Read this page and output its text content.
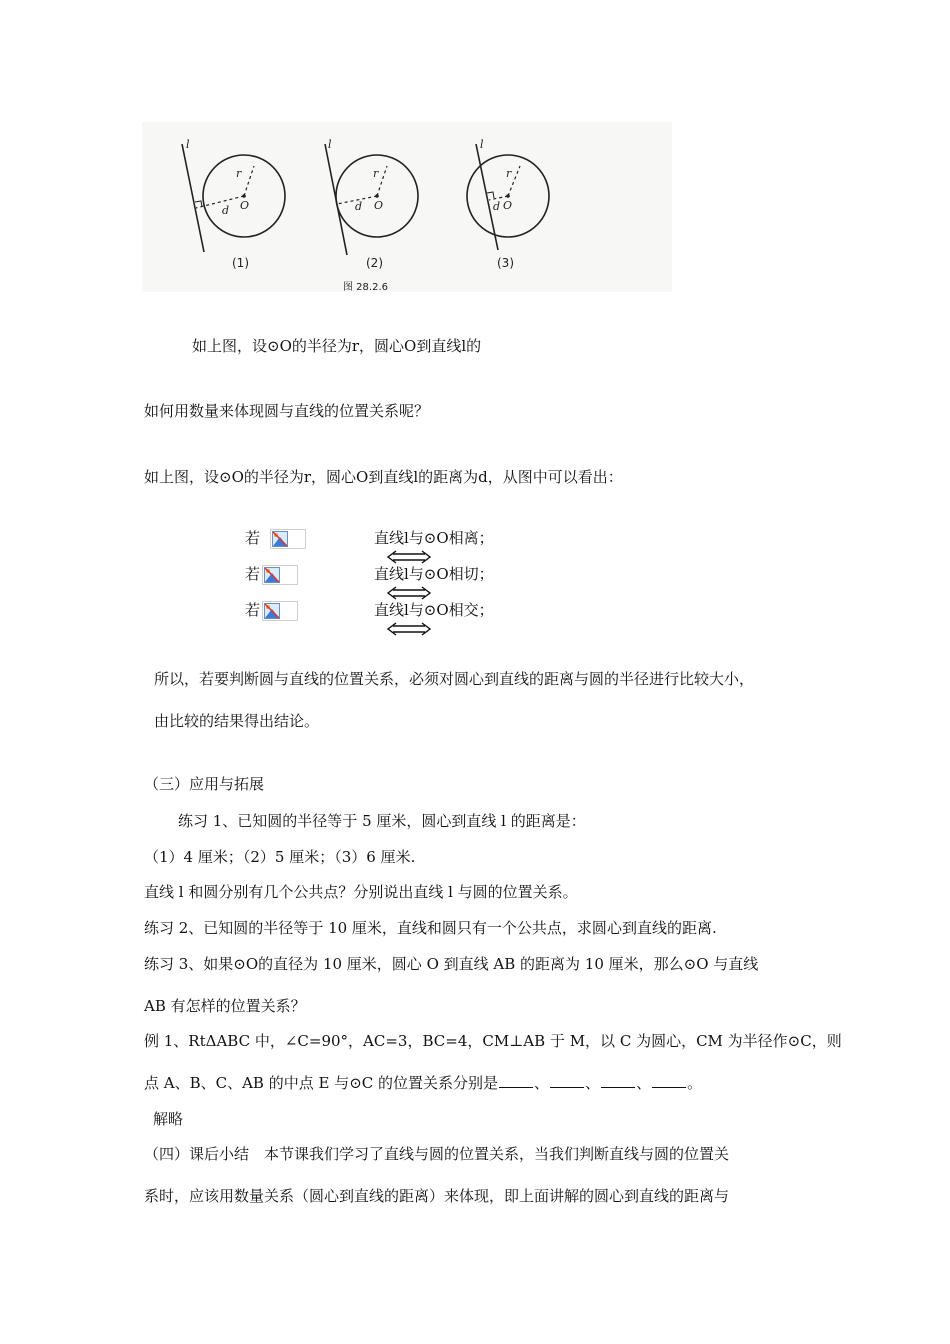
l
r
d O
l
r
d O
l
r
d O
(1)	(2)	(3)
图 28.2.6
如上图，设⊙O的半径为r，圆心O到直线l的
如何用数量来体现圆与直线的位置关系呢？
如上图，设⊙O的半径为r，圆心O到直线l的距离为d，从图中可以看出：
若	直线l与⊙O相离；
若	直线l与⊙O相切；
若	直线l与⊙O相交；
所以，若要判断圆与直线的位置关系，必须对圆心到直线的距离与圆的半径进行比较大小，
由比较的结果得出结论。
（三）应用与拓展
练习 1、已知圆的半径等于 5 厘米，圆心到直线 l 的距离是：
（1）4 厘米；（2）5 厘米；（3）6 厘米.
直线 l 和圆分别有几个公共点？分别说出直线 l 与圆的位置关系。
练习 2、已知圆的半径等于 10 厘米，直线和圆只有一个公共点，求圆心到直线的距离.
练习 3、如果⊙O的直径为 10 厘米，圆心 O 到直线 AB 的距离为 10 厘米，那么⊙O 与直线
AB 有怎样的位置关系？
例 1、RtΔABC 中，∠C=90°，AC=3，BC=4，CM⊥AB 于 M，以 C 为圆心，CM 为半径作⊙C，则
点 A、B、C、AB 的中点 E 与⊙C 的位置关系分别是 、 、 、 。
解略
（四）课后小结　本节课我们学习了直线与圆的位置关系，当我们判断直线与圆的位置关
系时，应该用数量关系（圆心到直线的距离）来体现，即上面讲解的圆心到直线的距离与
